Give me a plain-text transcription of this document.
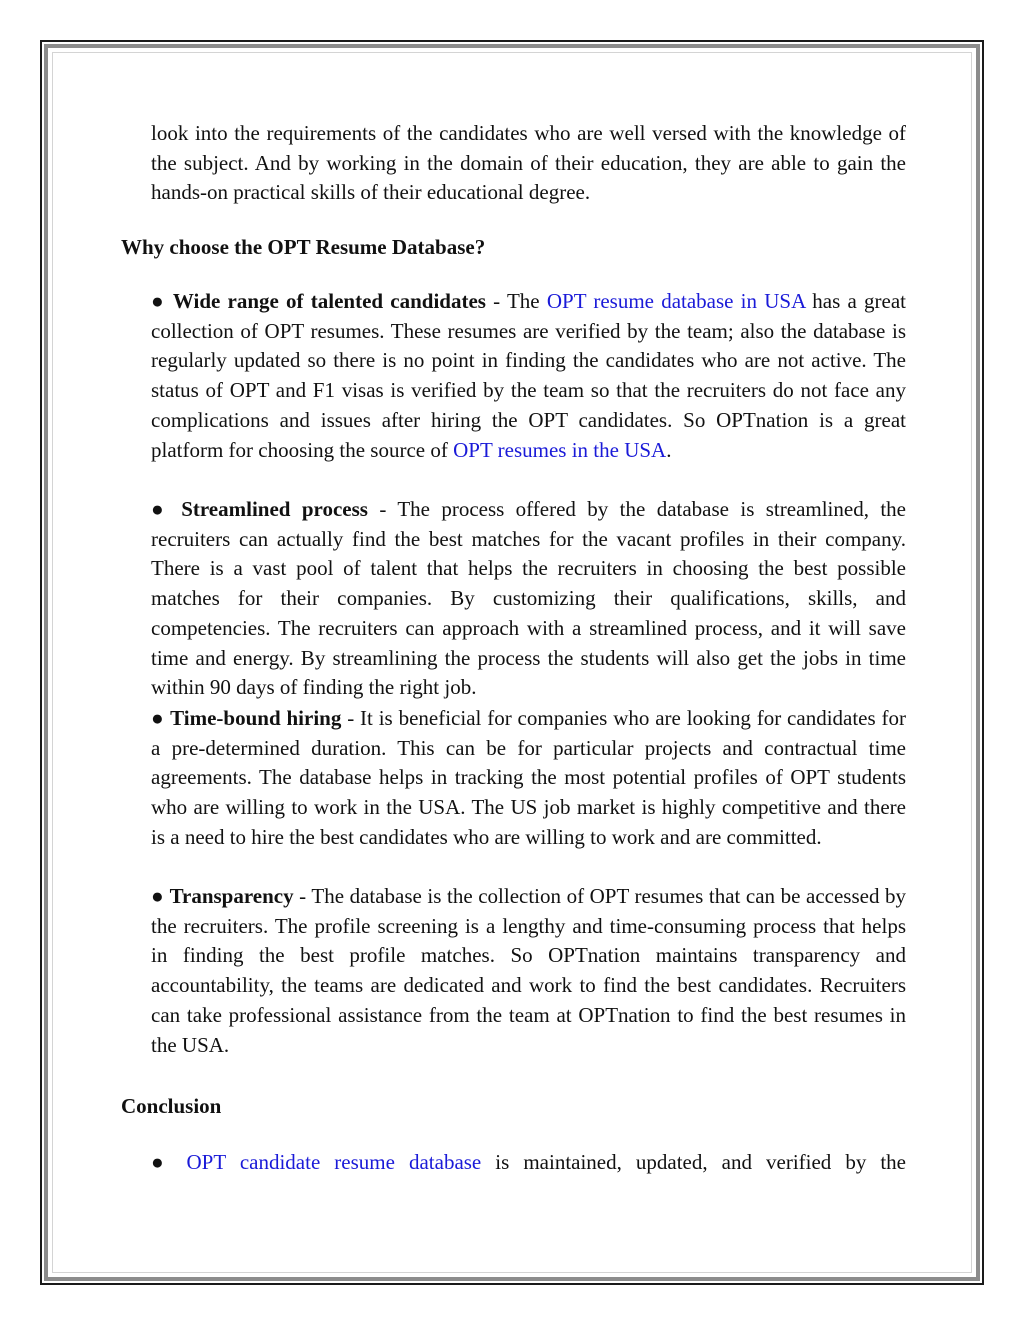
look into the requirements of the candidates who are well versed with the knowledge of the subject. And by working in the domain of their education, they are able to gain the hands-on practical skills of their educational degree.

Why choose the OPT Resume Database?

● Wide range of talented candidates - The OPT resume database in USA has a great collection of OPT resumes. These resumes are verified by the team; also the database is regularly updated so there is no point in finding the candidates who are not active. The status of OPT and F1 visas is verified by the team so that the recruiters do not face any complications and issues after hiring the OPT candidates. So OPTnation is a great platform for choosing the source of OPT resumes in the USA.

● Streamlined process - The process offered by the database is streamlined, the recruiters can actually find the best matches for the vacant profiles in their company. There is a vast pool of talent that helps the recruiters in choosing the best possible matches for their companies. By customizing their qualifications, skills, and competencies. The recruiters can approach with a streamlined process, and it will save time and energy. By streamlining the process the students will also get the jobs in time within 90 days of finding the right job.

● Time-bound hiring - It is beneficial for companies who are looking for candidates for a pre-determined duration. This can be for particular projects and contractual time agreements. The database helps in tracking the most potential profiles of OPT students who are willing to work in the USA. The US job market is highly competitive and there is a need to hire the best candidates who are willing to work and are committed.

● Transparency - The database is the collection of OPT resumes that can be accessed by the recruiters. The profile screening is a lengthy and time-consuming process that helps in finding the best profile matches. So OPTnation maintains transparency and accountability, the teams are dedicated and work to find the best candidates. Recruiters can take professional assistance from the team at OPTnation to find the best resumes in the USA.

Conclusion

● OPT candidate resume database is maintained, updated, and verified by the
